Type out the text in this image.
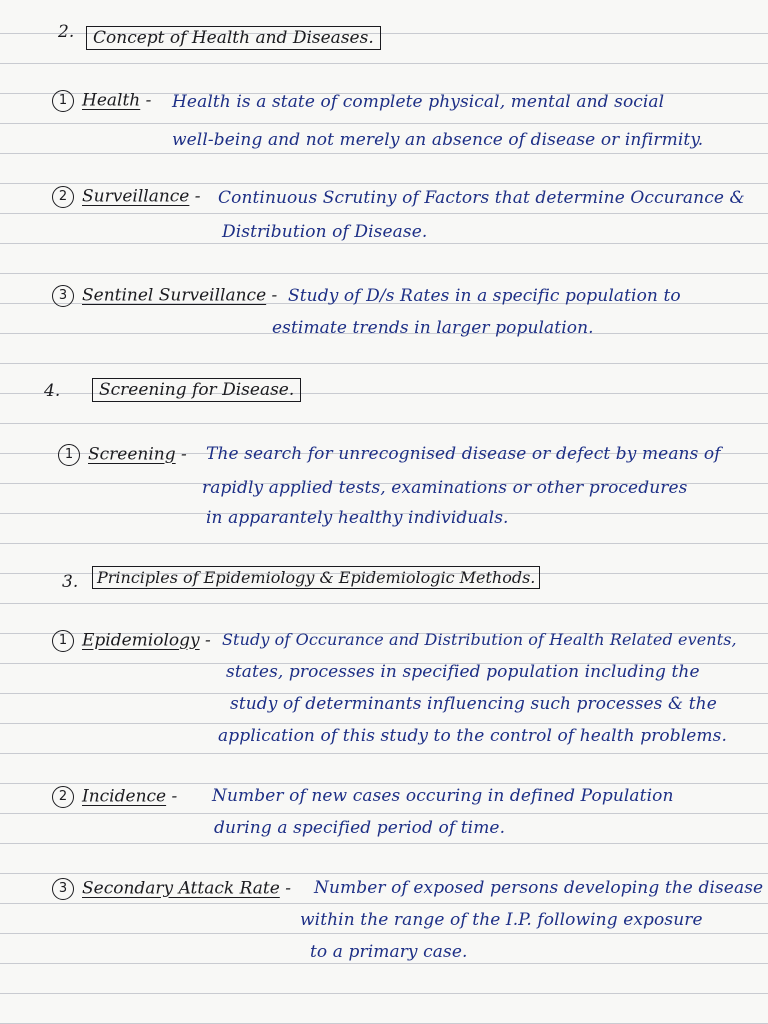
2.	Concept of Health and Diseases.
1 Health - Health is a state of complete physical, mental and social
well-being and not merely an absence of disease or infirmity.
2 Surveillance - Continuous Scrutiny of Factors that determine Occurance &
Distribution of Disease.
3 Sentinel Surveillance - Study of D/s Rates in a specific population to
estimate trends in larger population.
4.	Screening for Disease.
1 Screening - The search for unrecognised disease or defect by means of
rapidly applied tests, examinations or other procedures
in apparantely healthy individuals.
3.	Principles of Epidemiology & Epidemiologic Methods.
1 Epidemiology - Study of Occurance and Distribution of Health Related events,
states, processes in specified population including the
study of determinants influencing such processes & the
application of this study to the control of health problems.
2 Incidence - Number of new cases occuring in defined Population
during a specified period of time.
3 Secondary Attack Rate - Number of exposed persons developing the disease
within the range of the I.P. following exposure
to a primary case.
